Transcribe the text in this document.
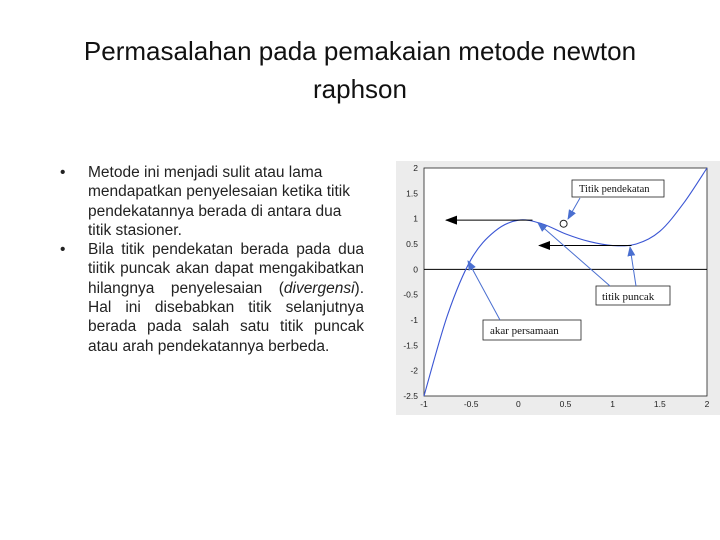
Permasalahan pada pemakaian metode newton
raphson
• Metode ini menjadi sulit atau lama mendapatkan penyelesaian ketika titik pendekatannya berada di antara dua titik stasioner.
• Bila titik pendekatan berada pada dua tiitik puncak akan dapat mengakibatkan hilangnya penyelesaian (divergensi). Hal ini disebabkan titik selanjutnya berada pada salah satu titik puncak atau arah pendekatannya berbeda.
2
1.5
1
0.5
0
-0.5
-1
-1.5
-2
-2.5
-1	-0.5	0	0.5	1	1.5	2
Titik pendekatan
titik puncak
akar persamaan
